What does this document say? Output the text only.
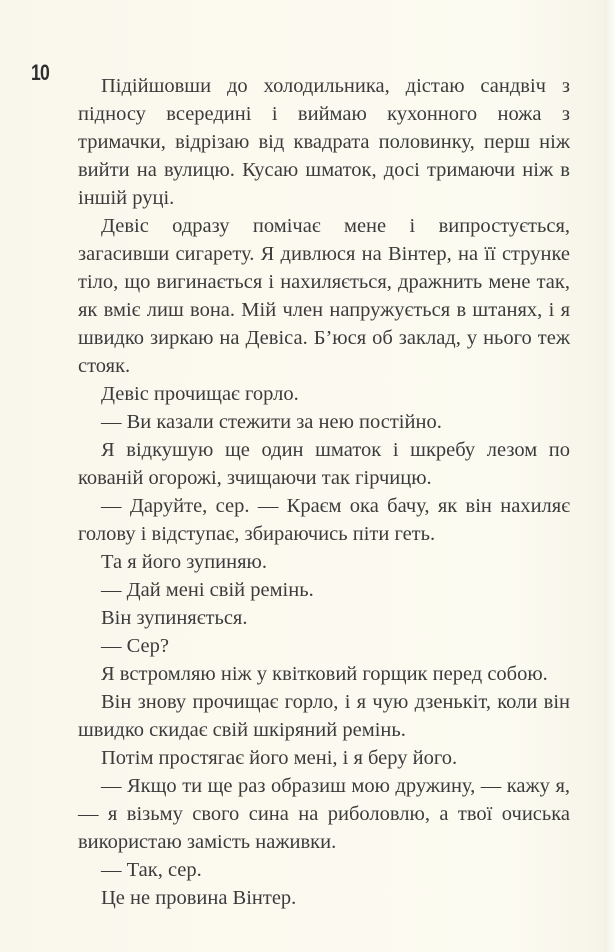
10

Підійшовши до холодильника, дістаю сандвіч з підносу всередині і виймаю кухонного ножа з тримачки, відрізаю від квадрата половинку, перш ніж вийти на вулицю. Кусаю шматок, досі тримаючи ніж в іншій руці.

Девіс одразу помічає мене і випростується, загасивши сигарету. Я дивлюся на Вінтер, на її струнке тіло, що вигинається і нахиляється, дражнить мене так, як вміє лиш вона. Мій член напружується в штанях, і я швидко зиркаю на Девіса. Б’юся об заклад, у нього теж стояк.

Девіс прочищає горло.

— Ви казали стежити за нею постійно.

Я відкушую ще один шматок і шкребу лезом по кованій огорожі, зчищаючи так гірчицю.

— Даруйте, сер. — Краєм ока бачу, як він нахиляє голову і відступає, збираючись піти геть.

Та я його зупиняю.

— Дай мені свій ремінь.

Він зупиняється.

— Сер?

Я встромляю ніж у квітковий горщик перед собою.

Він знову прочищає горло, і я чую дзенькіт, коли він швидко скидає свій шкіряний ремінь.

Потім простягає його мені, і я беру його.

— Якщо ти ще раз образиш мою дружину, — кажу я, — я візьму свого сина на риболовлю, а твої очиська використаю замість наживки.

— Так, сер.

Це не провина Вінтер.
